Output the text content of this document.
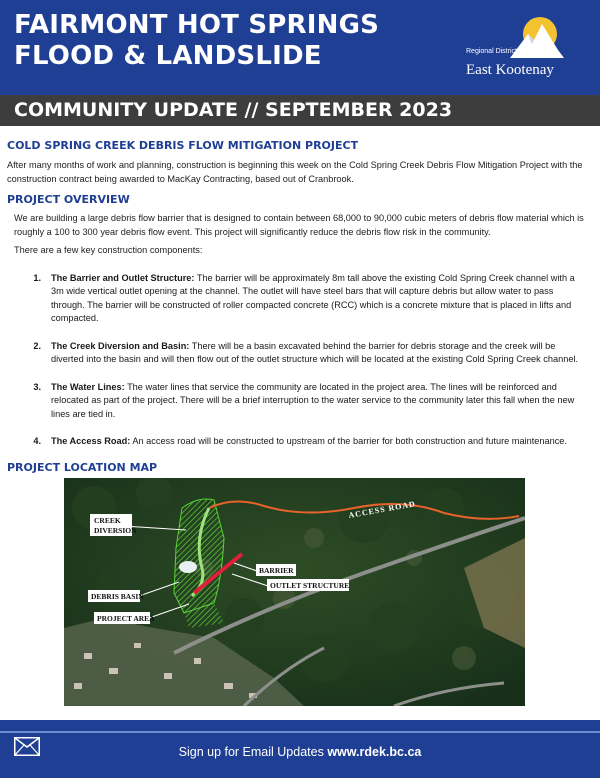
FAIRMONT HOT SPRINGS
FLOOD & LANDSLIDE	Regional District of
East Kootenay
COMMUNITY UPDATE // SEPTEMBER 2023
COLD SPRING CREEK DEBRIS FLOW MITIGATION PROJECT

After many months of work and planning, construction is beginning this week on the Cold Spring Creek Debris Flow Mitigation Project with the construction contract being awarded to MacKay Contracting, based out of Cranbrook.

PROJECT OVERVIEW

We are building a large debris flow barrier that is designed to contain between 68,000 to 90,000 cubic meters of debris flow material which is roughly a 100 to 300 year debris flow event. This project will significantly reduce the debris flow risk in the community.

There are a few key construction components:

1.	The Barrier and Outlet Structure: The barrier will be approximately 8m tall above the existing Cold Spring Creek channel with a 3m wide vertical outlet opening at the channel. The outlet will have steel bars that will capture debris but allow water to pass through. The barrier will be constructed of roller compacted concrete (RCC) which is a concrete mixture that is placed in lifts and compacted.
2.	The Creek Diversion and Basin: There will be a basin excavated behind the barrier for debris storage and the creek will be diverted into the basin and will then flow out of the outlet structure which will be located at the existing Cold Spring Creek channel.
3.	The Water Lines: The water lines that service the community are located in the project area. The lines will be reinforced and relocated as part of the project. There will be a brief interruption to the water service to the community later this fall when the new lines are tied in.
4.	The Access Road: An access road will be constructed to upstream of the barrier for both construction and future maintenance.
PROJECT LOCATION MAP
CREEK
DIVERSION
BARRIER
OUTLET STRUCTURE
DEBRIS BASIN
PROJECT AREA
ACCESS ROAD
Sign up for Email Updates www.rdek.bc.ca
